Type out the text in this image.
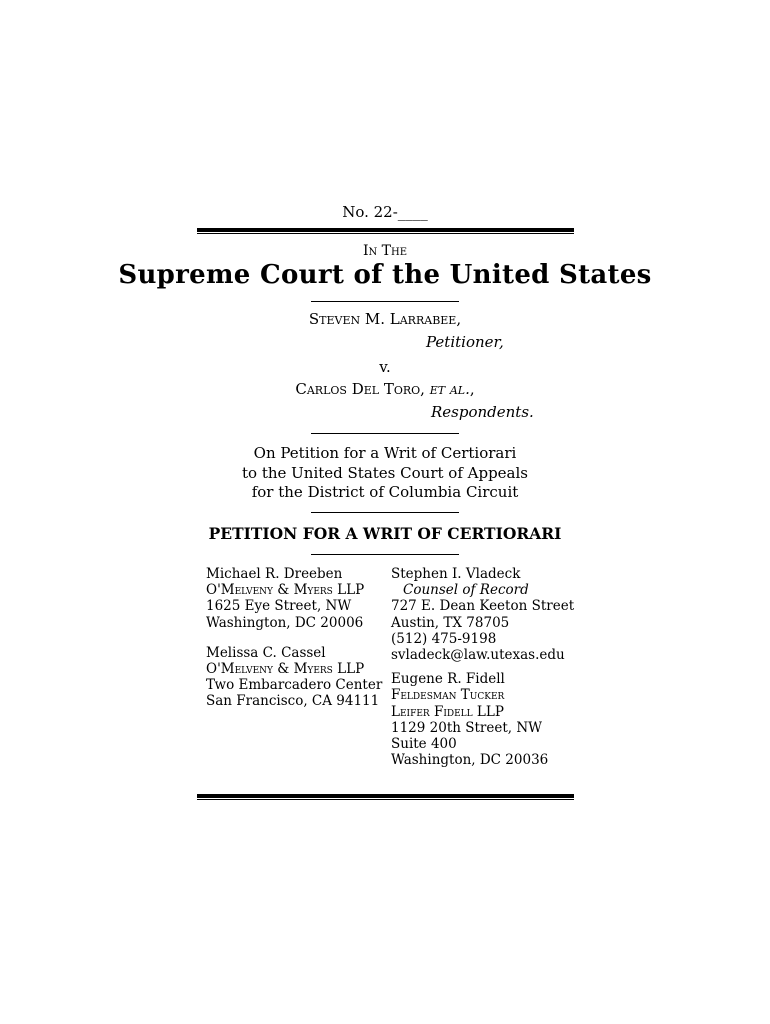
No. 22-____
In The
Supreme Court of the United States
Steven M. Larrabee,
Petitioner,
v.
Carlos Del Toro, et al.,
Respondents.
On Petition for a Writ of Certiorari
to the United States Court of Appeals
for the District of Columbia Circuit
PETITION FOR A WRIT OF CERTIORARI
Michael R. Dreeben
O'Melveny & Myers LLP
1625 Eye Street, NW
Washington, DC 20006
Melissa C. Cassel
O'Melveny & Myers LLP
Two Embarcadero Center
San Francisco, CA 94111
Stephen I. Vladeck
Counsel of Record
727 E. Dean Keeton Street
Austin, TX 78705
(512) 475-9198
svladeck@law.utexas.edu
Eugene R. Fidell
Feldesman Tucker
Leifer Fidell LLP
1129 20th Street, NW
Suite 400
Washington, DC 20036
